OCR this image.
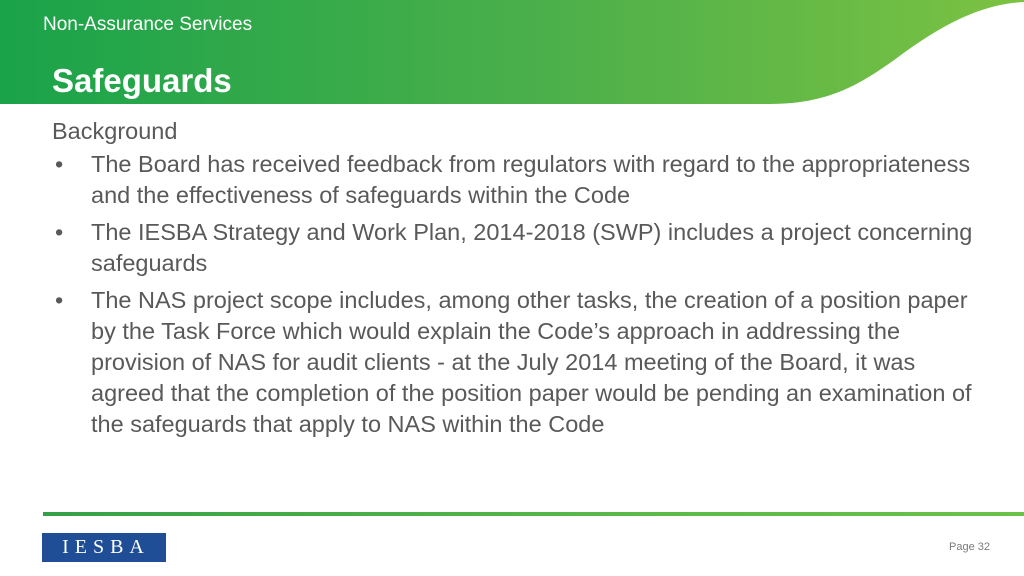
Non-Assurance Services
Safeguards
Background
• The Board has received feedback from regulators with regard to the appropriateness and the effectiveness of safeguards within the Code
• The IESBA Strategy and Work Plan, 2014-2018 (SWP) includes a project concerning safeguards
• The NAS project scope includes, among other tasks, the creation of a position paper by the Task Force which would explain the Code’s approach in addressing the provision of NAS for audit clients - at the July 2014 meeting of the Board, it was agreed that the completion of the position paper would be pending an examination of the safeguards that apply to NAS within the Code
IESBA	Page 32
